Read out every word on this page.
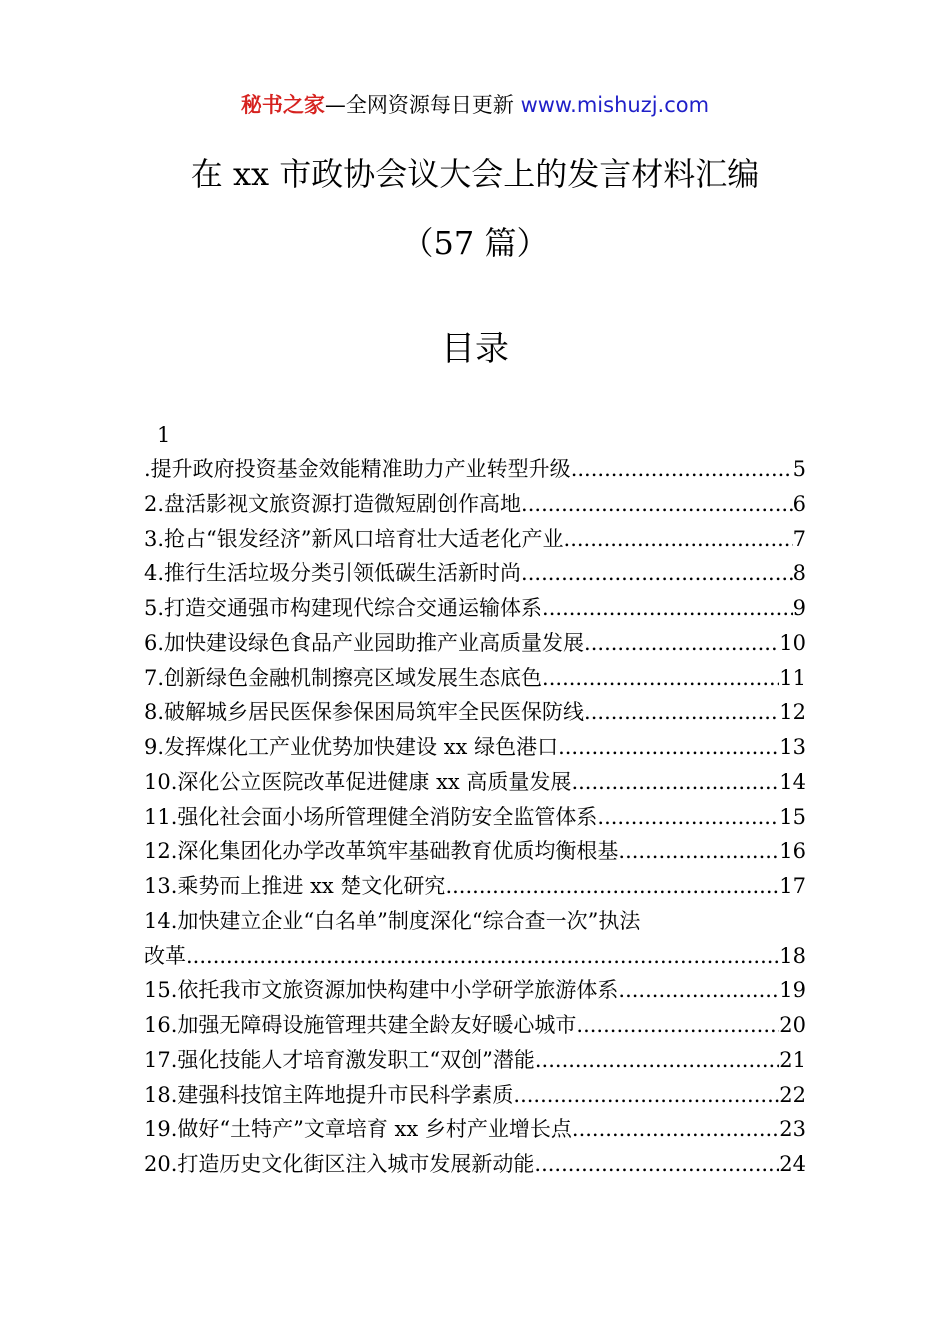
秘书之家—全网资源每日更新 www.mishuzj.com
在 xx 市政协会议大会上的发言材料汇编
（57 篇）
目录
1
.提升政府投资基金效能精准助力产业转型升级 .....	5
2.盘活影视文旅资源打造微短剧创作高地 .....	6
3.抢占“银发经济”新风口培育壮大适老化产业 .....	7
4.推行生活垃圾分类引领低碳生活新时尚 .....	8
5.打造交通强市构建现代综合交通运输体系 .....	9
6.加快建设绿色食品产业园助推产业高质量发展 .....	10
7.创新绿色金融机制擦亮区域发展生态底色 .....	11
8.破解城乡居民医保参保困局筑牢全民医保防线 .....	12
9.发挥煤化工产业优势加快建设 xx 绿色港口 .....	13
10.深化公立医院改革促进健康 xx 高质量发展 .....	14
11.强化社会面小场所管理健全消防安全监管体系 .....	15
12.深化集团化办学改革筑牢基础教育优质均衡根基 .....	16
13.乘势而上推进 xx 楚文化研究 .....	17
14.加快建立企业“白名单”制度深化“综合查一次”执法
改革 .....	18
15.依托我市文旅资源加快构建中小学研学旅游体系 .....	19
16.加强无障碍设施管理共建全龄友好暖心城市 .....	20
17.强化技能人才培育激发职工“双创”潜能 .....	21
18.建强科技馆主阵地提升市民科学素质 .....	22
19.做好“土特产”文章培育 xx 乡村产业增长点 .....	23
20.打造历史文化街区注入城市发展新动能 .....	24
